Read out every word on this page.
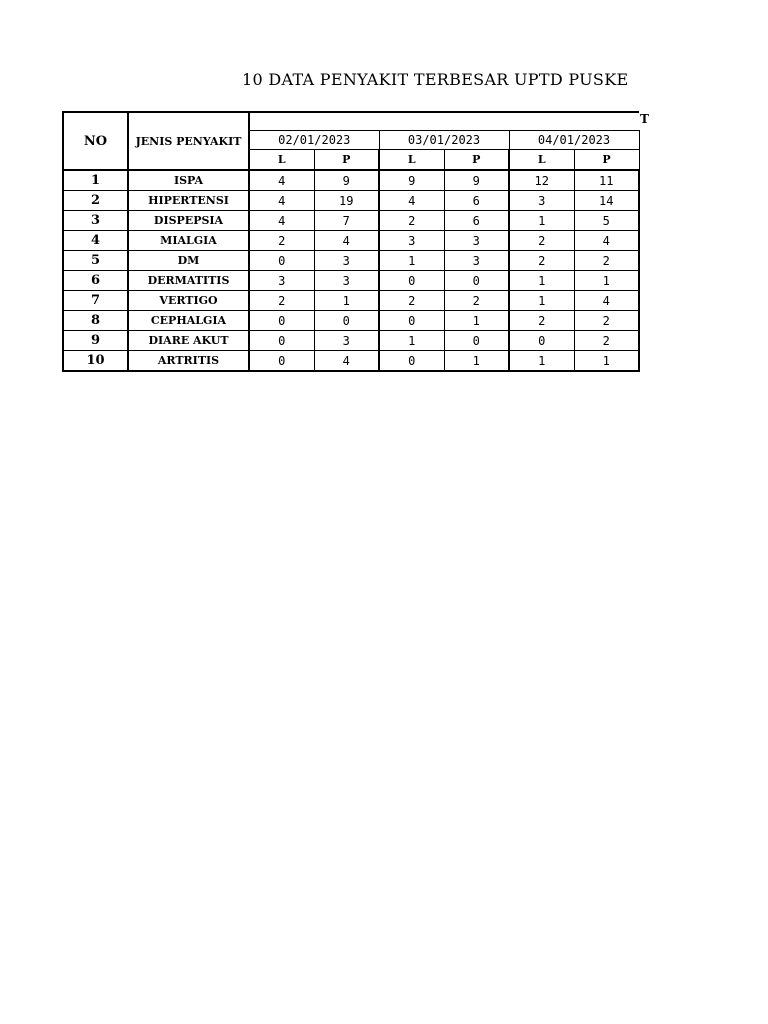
10 DATA PENYAKIT TERBESAR UPTD PUSKE
T
NO	JENIS PENYAKIT						
		02/01/2023		03/01/2023		04/01/2023	
		L	P	L	P	L	P
1	ISPA	4	9	9	9	12	11
2	HIPERTENSI	4	19	4	6	3	14
3	DISPEPSIA	4	7	2	6	1	5
4	MIALGIA	2	4	3	3	2	4
5	DM	0	3	1	3	2	2
6	DERMATITIS	3	3	0	0	1	1
7	VERTIGO	2	1	2	2	1	4
8	CEPHALGIA	0	0	0	1	2	2
9	DIARE AKUT	0	3	1	0	0	2
10	ARTRITIS	0	4	0	1	1	1
